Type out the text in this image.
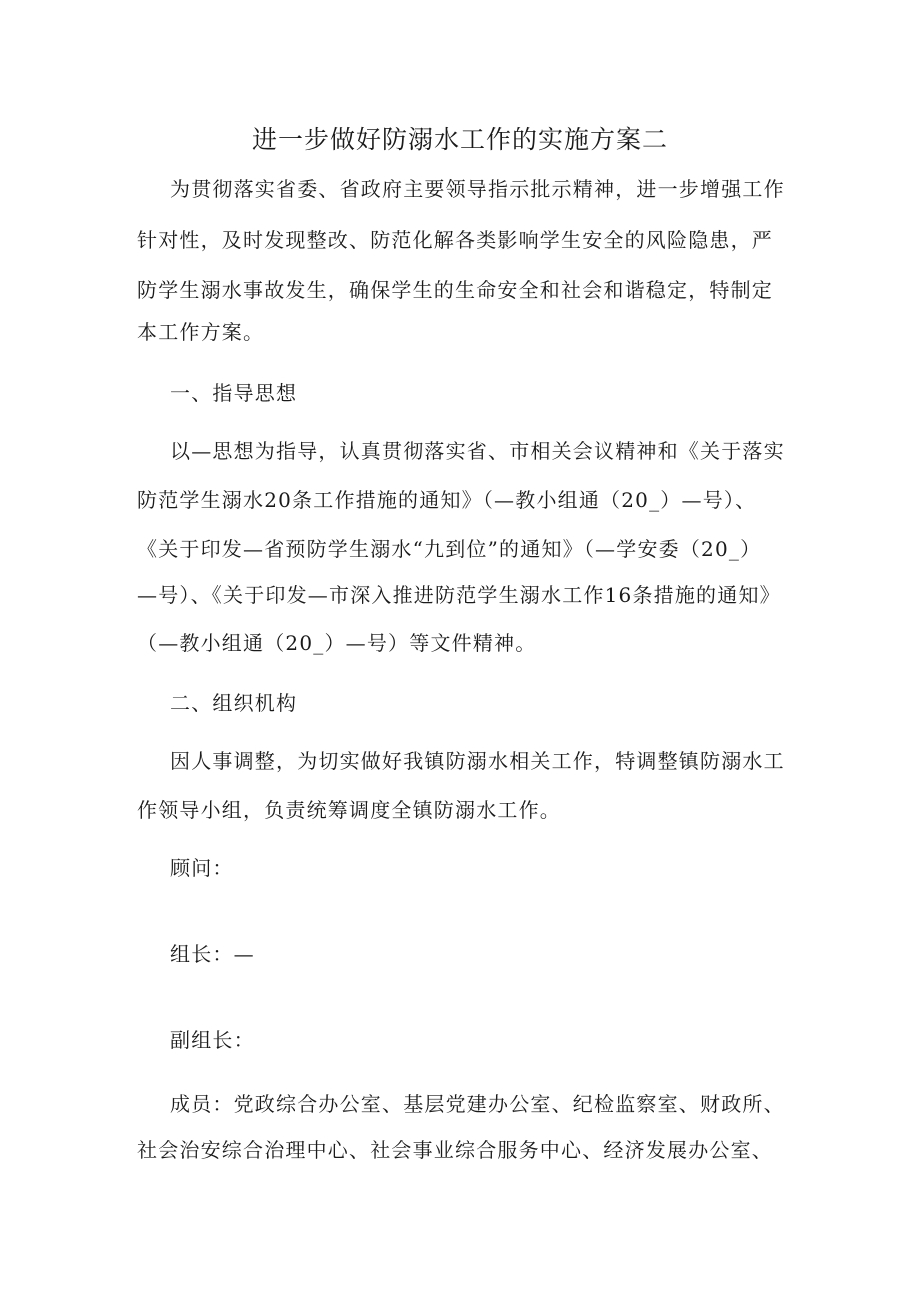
进一步做好防溺水工作的实施方案二
为贯彻落实省委、省政府主要领导指示批示精神，进一步增强工作
针对性，及时发现整改、防范化解各类影响学生安全的风险隐患，严
防学生溺水事故发生，确保学生的生命安全和社会和谐稳定，特制定
本工作方案。
一、指导思想
以—思想为指导，认真贯彻落实省、市相关会议精神和《关于落实
防范学生溺水20条工作措施的通知》（—教小组通（20_）—号）、
《关于印发—省预防学生溺水“九到位”的通知》（—学安委（20_）
—号）、《关于印发—市深入推进防范学生溺水工作16条措施的通知》
（—教小组通（20_）—号）等文件精神。
二、组织机构
因人事调整，为切实做好我镇防溺水相关工作，特调整镇防溺水工
作领导小组，负责统筹调度全镇防溺水工作。
顾问：
组长：—
副组长：
成员：党政综合办公室、基层党建办公室、纪检监察室、财政所、
社会治安综合治理中心、社会事业综合服务中心、经济发展办公室、
